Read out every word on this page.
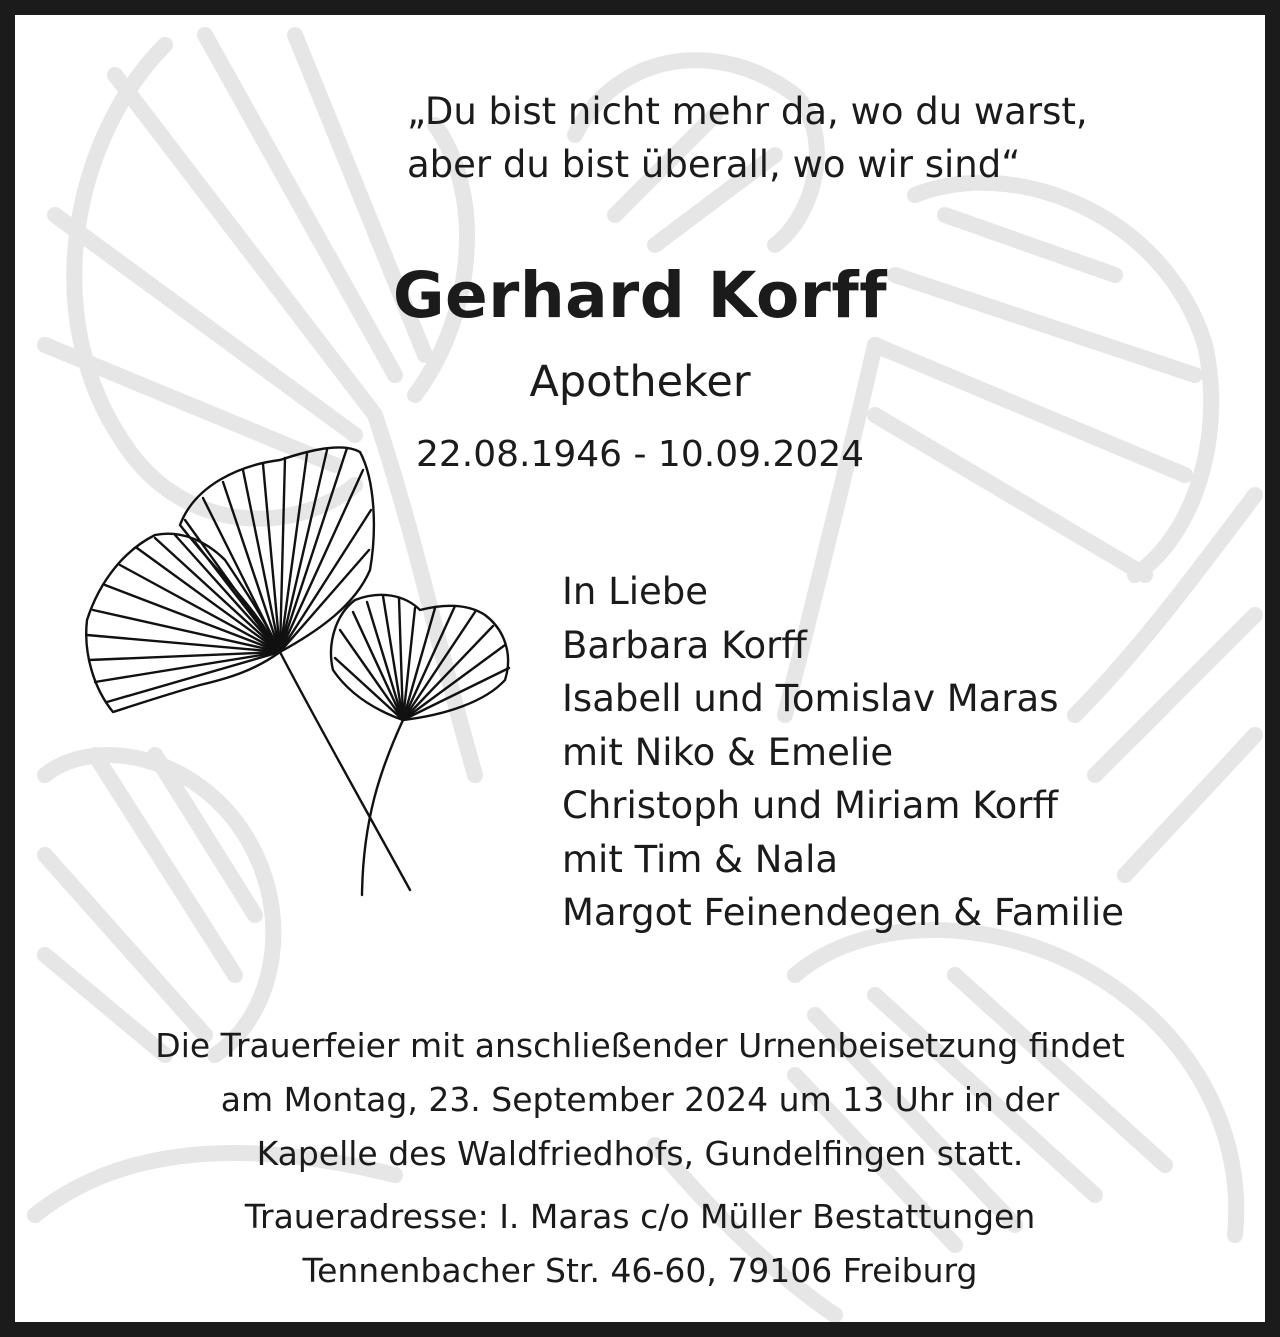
„Du bist nicht mehr da, wo du warst,
aber du bist überall, wo wir sind“
Gerhard Korff
Apotheker
22.08.1946 - 10.09.2024
In Liebe
Barbara Korff
Isabell und Tomislav Maras
mit Niko & Emelie
Christoph und Miriam Korff
mit Tim & Nala
Margot Feinendegen & Familie
Die Trauerfeier mit anschließender Urnenbeisetzung findet
am Montag, 23. September 2024 um 13 Uhr in der
Kapelle des Waldfriedhofs, Gundelfingen statt.
Traueradresse: I. Maras c/o Müller Bestattungen
Tennenbacher Str. 46-60, 79106 Freiburg
